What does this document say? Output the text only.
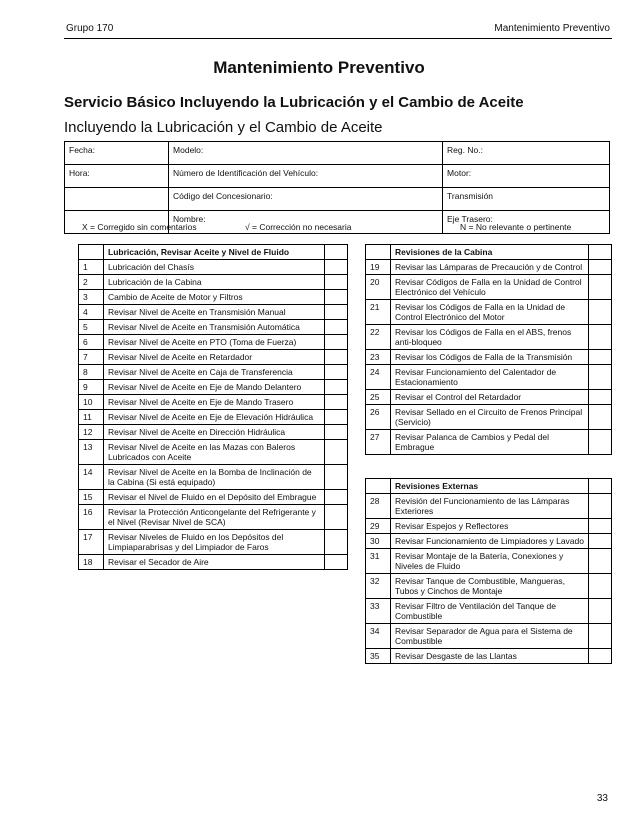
Grupo 170	Mantenimiento Preventivo
Mantenimiento Preventivo
Servicio Básico Incluyendo la Lubricación y el Cambio de Aceite
Incluyendo la Lubricación y el Cambio de Aceite
Fecha:	Modelo:	Reg. No.:
Hora:	Número de Identificación del Vehículo:	Motor:
	Código del Concesionario:	Transmisión
	Nombre:	Eje Trasero:
X = Corregido sin comentarios	√ = Corrección no necesaria	N = No relevante o pertinente
	Lubricación, Revisar Aceite y Nivel de Fluido	
1	Lubricación del Chasís	
2	Lubricación de la Cabina	
3	Cambio de Aceite de Motor y Filtros	
4	Revisar Nivel de Aceite en Transmisión Manual	
5	Revisar Nivel de Aceite en Transmisión Automática	
6	Revisar Nivel de Aceite en PTO (Toma de Fuerza)	
7	Revisar Nivel de Aceite en Retardador	
8	Revisar Nivel de Aceite en Caja de Transferencia	
9	Revisar Nivel de Aceite en Eje de Mando Delantero	
10	Revisar Nivel de Aceite en Eje de Mando Trasero	
11	Revisar Nivel de Aceite en Eje de Elevación Hidráulica	
12	Revisar Nivel de Aceite en Dirección Hidráulica	
13	Revisar Nivel de Aceite en las Mazas con Baleros Lubricados con Aceite	
14	Revisar Nivel de Aceite en la Bomba de Inclinación de la Cabina (Si está equipado)	
15	Revisar el Nivel de Fluido en el Depósito del Embrague	
16	Revisar la Protección Anticongelante del Refrigerante y el Nivel (Revisar Nivel de SCA)	
17	Revisar Niveles de Fluido en los Depósitos del Limpiaparabrisas y del Limpiador de Faros	
18	Revisar el Secador de Aire	
	Revisiones de la Cabina	
19	Revisar las Lámparas de Precaución y de Control	
20	Revisar Códigos de Falla en la Unidad de Control Electrónico del Vehículo	
21	Revisar los Códigos de Falla en la Unidad de Control Electrónico del Motor	
22	Revisar los Códigos de Falla en el ABS, frenos anti-bloqueo	
23	Revisar los Códigos de Falla de la Transmisión	
24	Revisar Funcionamiento del Calentador de Estacionamiento	
25	Revisar el Control del Retardador	
26	Revisar Sellado en el Circuito de Frenos Principal (Servicio)	
27	Revisar Palanca de Cambios y Pedal del Embrague	
	Revisiones Externas	
28	Revisión del Funcionamiento de las Lámparas Exteriores	
29	Revisar Espejos y Reflectores	
30	Revisar Funcionamiento de Limpiadores y Lavado	
31	Revisar Montaje de la Batería, Conexiones y Niveles de Fluido	
32	Revisar Tanque de Combustible, Mangueras, Tubos y Cinchos de Montaje	
33	Revisar Filtro de Ventilación del Tanque de Combustible	
34	Revisar Separador de Agua para el Sistema de Combustible	
35	Revisar Desgaste de las Llantas	
33
